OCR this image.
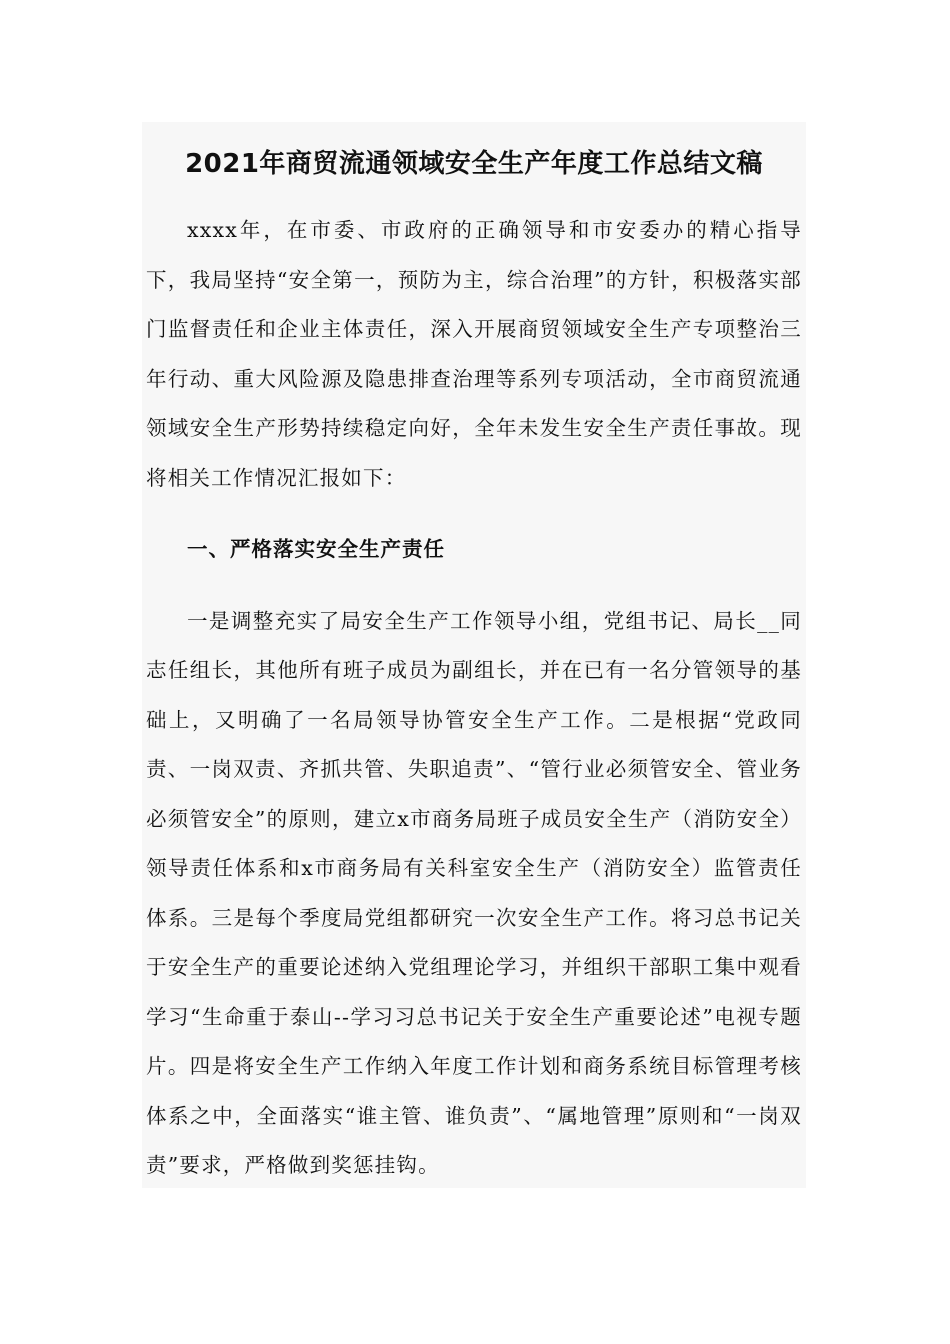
2021年商贸流通领域安全生产年度工作总结文稿

xxxx年，在市委、市政府的正确领导和市安委办的精心指导下，我局坚持“安全第一，预防为主，综合治理”的方针，积极落实部门监督责任和企业主体责任，深入开展商贸领域安全生产专项整治三年行动、重大风险源及隐患排查治理等系列专项活动，全市商贸流通领域安全生产形势持续稳定向好，全年未发生安全生产责任事故。现将相关工作情况汇报如下：

一、严格落实安全生产责任

一是调整充实了局安全生产工作领导小组，党组书记、局长__同志任组长，其他所有班子成员为副组长，并在已有一名分管领导的基础上，又明确了一名局领导协管安全生产工作。二是根据“党政同责、一岗双责、齐抓共管、失职追责”、“管行业必须管安全、管业务必须管安全”的原则，建立x市商务局班子成员安全生产（消防安全）领导责任体系和x市商务局有关科室安全生产（消防安全）监管责任体系。三是每个季度局党组都研究一次安全生产工作。将习总书记关于安全生产的重要论述纳入党组理论学习，并组织干部职工集中观看学习“生命重于泰山--学习习总书记关于安全生产重要论述”电视专题片。四是将安全生产工作纳入年度工作计划和商务系统目标管理考核体系之中，全面落实“谁主管、谁负责”、“属地管理”原则和“一岗双责”要求，严格做到奖惩挂钩。
